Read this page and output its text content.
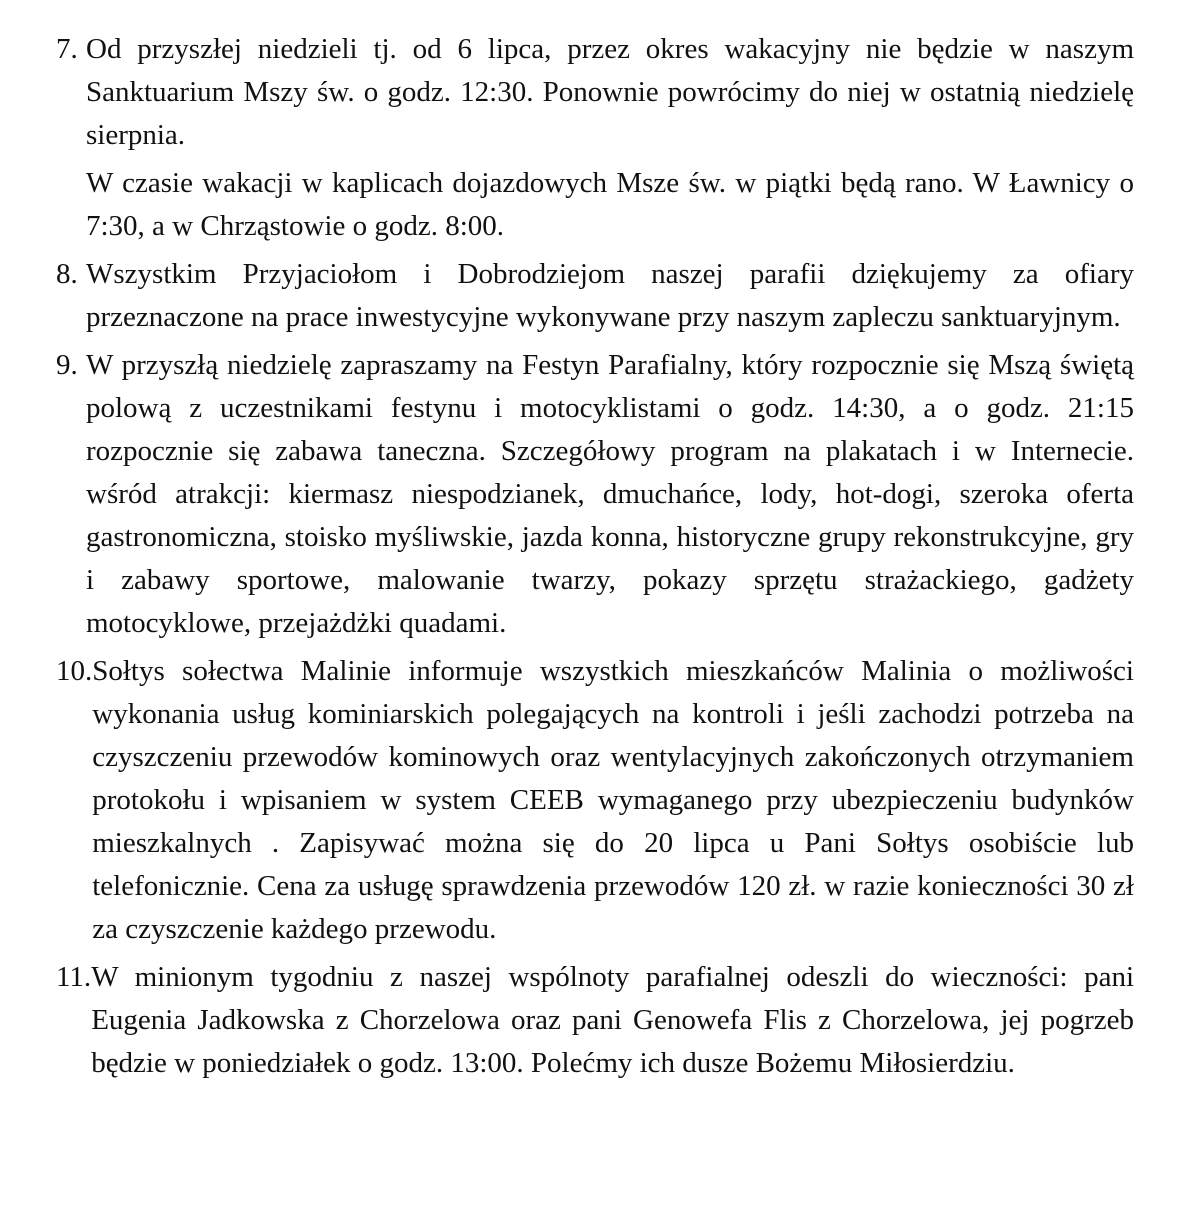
7. Od przyszłej niedzieli tj. od 6 lipca, przez okres wakacyjny nie będzie w naszym Sanktuarium Mszy św. o godz. 12:30. Ponownie powrócimy do niej w ostatnią niedzielę sierpnia.

W czasie wakacji w kaplicach dojazdowych Msze św. w piątki będą rano. W Ławnicy o 7:30, a w Chrząstowie o godz. 8:00.

8. Wszystkim Przyjaciołom i Dobrodziejom naszej parafii dziękujemy za ofiary przeznaczone na prace inwestycyjne wykonywane przy naszym zapleczu sanktuaryjnym.

9. W przyszłą niedzielę zapraszamy na Festyn Parafialny, który rozpocznie się Mszą świętą polową z uczestnikami festynu i motocyklistami o godz. 14:30, a o godz. 21:15 rozpocznie się zabawa taneczna. Szczegółowy program na plakatach i w Internecie. wśród atrakcji: kiermasz niespodzianek, dmuchańce, lody, hot-dogi, szeroka oferta gastronomiczna, stoisko myśliwskie, jazda konna, historyczne grupy rekonstrukcyjne, gry i zabawy sportowe, malowanie twarzy, pokazy sprzętu strażackiego, gadżety motocyklowe, przejażdżki quadami.

10. Sołtys sołectwa Malinie informuje wszystkich mieszkańców Malinia o możliwości wykonania usług kominiarskich polegających na kontroli i jeśli zachodzi potrzeba na czyszczeniu przewodów kominowych oraz wentylacyjnych zakończonych otrzymaniem protokołu i wpisaniem w system CEEB wymaganego przy ubezpieczeniu budynków mieszkalnych . Zapisywać można się do 20 lipca u Pani Sołtys osobiście lub telefonicznie. Cena za usługę sprawdzenia przewodów 120 zł. w razie konieczności 30 zł za czyszczenie każdego przewodu.

11. W minionym tygodniu z naszej wspólnoty parafialnej odeszli do wieczności: pani Eugenia Jadkowska z Chorzelowa oraz pani Genowefa Flis z Chorzelowa, jej pogrzeb będzie w poniedziałek o godz. 13:00. Polećmy ich dusze Bożemu Miłosierdziu.
